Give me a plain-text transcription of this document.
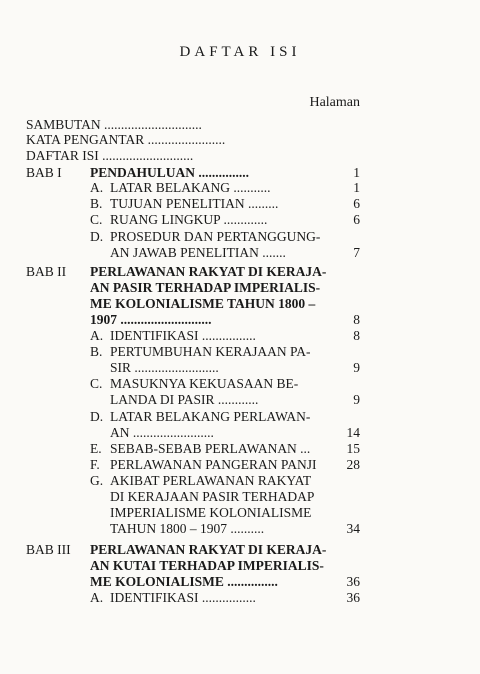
DAFTAR ISI
Halaman
SAMBUTAN .............................
KATA PENGANTAR .......................
DAFTAR ISI ...........................
BAB I PENDAHULUAN ...............	1
A. LATAR BELAKANG ...........	1
B. TUJUAN PENELITIAN .........	6
C. RUANG LINGKUP .............	6
D. PROSEDUR DAN PERTANGGUNG-
AN JAWAB PENELITIAN .......	7
BAB II PERLAWANAN RAKYAT DI KERAJA-
AN PASIR TERHADAP IMPERIALIS-
ME KOLONIALISME TAHUN 1800 –
1907 ...........................	8
A. IDENTIFIKASI ................	8
B. PERTUMBUHAN KERAJAAN PA-
SIR .........................	9
C. MASUKNYA KEKUASAAN BE-
LANDA DI PASIR ............	9
D. LATAR BELAKANG PERLAWAN-
AN ........................	14
E. SEBAB-SEBAB PERLAWANAN ...	15
F. PERLAWANAN PANGERAN PANJI	28
G. AKIBAT PERLAWANAN RAKYAT
DI KERAJAAN PASIR TERHADAP
IMPERIALISME KOLONIALISME
TAHUN 1800 – 1907 ..........	34
BAB III PERLAWANAN RAKYAT DI KERAJA-
AN KUTAI TERHADAP IMPERIALIS-
ME KOLONIALISME ...............	36
A. IDENTIFIKASI ................	36
